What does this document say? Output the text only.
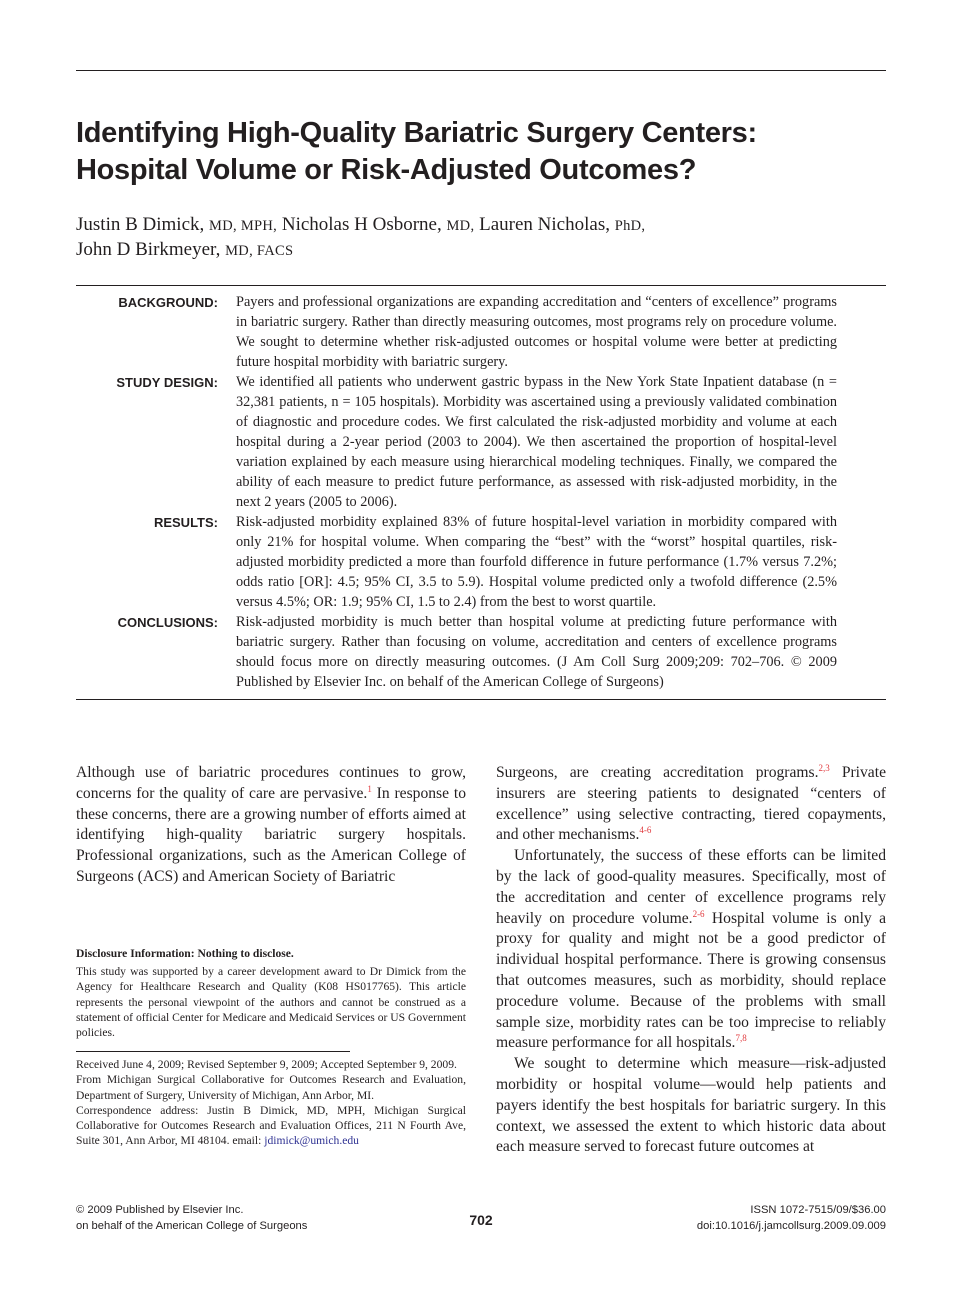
Identifying High-Quality Bariatric Surgery Centers:
Hospital Volume or Risk-Adjusted Outcomes?
Justin B Dimick, MD, MPH, Nicholas H Osborne, MD, Lauren Nicholas, PhD,
John D Birkmeyer, MD, FACS
BACKGROUND:	Payers and professional organizations are expanding accreditation and “centers of excellence” programs in bariatric surgery. Rather than directly measuring outcomes, most programs rely on procedure volume. We sought to determine whether risk-adjusted outcomes or hospital volume were better at predicting future hospital morbidity with bariatric surgery.
STUDY DESIGN:	We identified all patients who underwent gastric bypass in the New York State Inpatient database (n = 32,381 patients, n = 105 hospitals). Morbidity was ascertained using a previously validated combination of diagnostic and procedure codes. We first calculated the risk-adjusted morbidity and volume at each hospital during a 2-year period (2003 to 2004). We then ascertained the proportion of hospital-level variation explained by each measure using hierarchical modeling techniques. Finally, we compared the ability of each measure to predict future performance, as assessed with risk-adjusted morbidity, in the next 2 years (2005 to 2006).
RESULTS:	Risk-adjusted morbidity explained 83% of future hospital-level variation in morbidity compared with only 21% for hospital volume. When comparing the “best” with the “worst” hospital quartiles, risk-adjusted morbidity predicted a more than fourfold difference in future performance (1.7% versus 7.2%; odds ratio [OR]: 4.5; 95% CI, 3.5 to 5.9). Hospital volume predicted only a twofold difference (2.5% versus 4.5%; OR: 1.9; 95% CI, 1.5 to 2.4) from the best to worst quartile.
CONCLUSIONS:	Risk-adjusted morbidity is much better than hospital volume at predicting future performance with bariatric surgery. Rather than focusing on volume, accreditation and centers of excellence programs should focus more on directly measuring outcomes. (J Am Coll Surg 2009;209: 702–706. © 2009 Published by Elsevier Inc. on behalf of the American College of Surgeons)

Although use of bariatric procedures continues to grow, concerns for the quality of care are pervasive.$^1$ In response to these concerns, there are a growing number of efforts aimed at identifying high-quality bariatric surgery hospitals. Professional organizations, such as the American College of Surgeons (ACS) and American Society of Bariatric

Surgeons, are creating accreditation programs.$^{2,3}$ Private insurers are steering patients to designated “centers of excellence” using selective contracting, tiered copayments, and other mechanisms.$^{4-6}$

Unfortunately, the success of these efforts can be limited by the lack of good-quality measures. Specifically, most of the accreditation and center of excellence programs rely heavily on procedure volume.$^{2-6}$ Hospital volume is only a proxy for quality and might not be a good predictor of individual hospital performance. There is growing consensus that outcomes measures, such as morbidity, should replace procedure volume. Because of the problems with small sample size, morbidity rates can be too imprecise to reliably measure performance for all hospitals.$^{7,8}$

We sought to determine which measure—risk-adjusted morbidity or hospital volume—would help patients and payers identify the best hospitals for bariatric surgery. In this context, we assessed the extent to which historic data about each measure served to forecast future outcomes at

Disclosure Information: Nothing to disclose.

This study was supported by a career development award to Dr Dimick from the Agency for Healthcare Research and Quality (K08 HS017765). This article represents the personal viewpoint of the authors and cannot be construed as a statement of official Center for Medicare and Medicaid Services or US Government policies.

Received June 4, 2009; Revised September 9, 2009; Accepted September 9, 2009.

From Michigan Surgical Collaborative for Outcomes Research and Evaluation, Department of Surgery, University of Michigan, Ann Arbor, MI.

Correspondence address: Justin B Dimick, MD, MPH, Michigan Surgical Collaborative for Outcomes Research and Evaluation Offices, 211 N Fourth Ave, Suite 301, Ann Arbor, MI 48104. email: jdimick@umich.edu

© 2009 Published by Elsevier Inc.
on behalf of the American College of Surgeons	702
ISSN 1072-7515/09/$36.00
doi:10.1016/j.jamcollsurg.2009.09.009
